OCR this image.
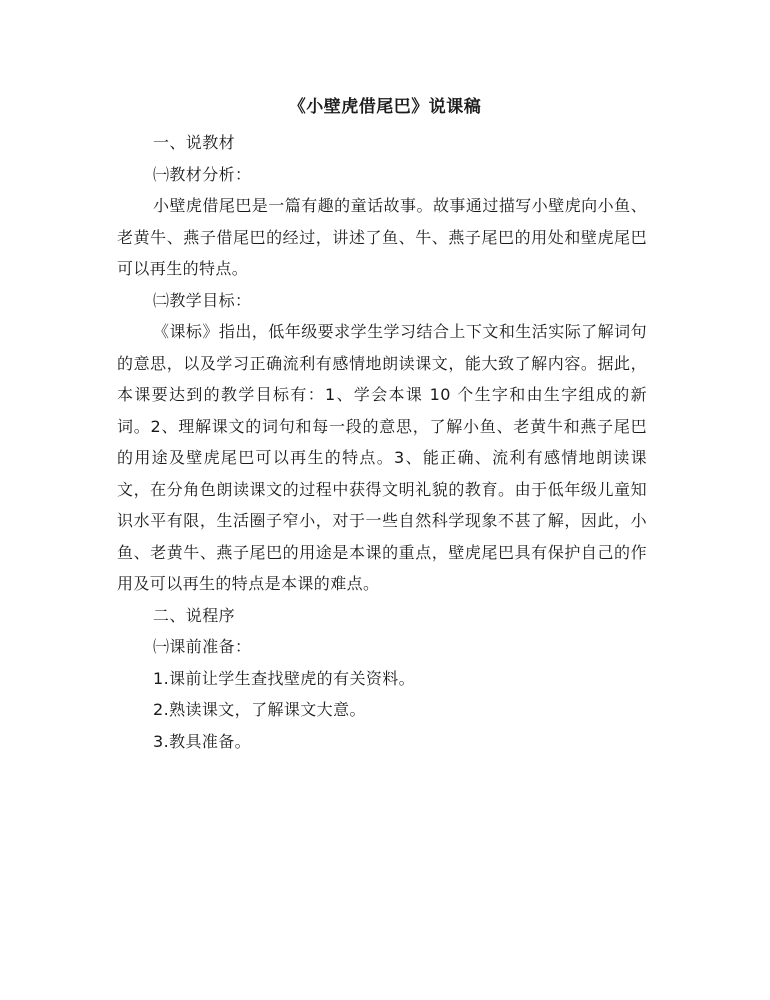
《小壁虎借尾巴》说课稿

一、说教材

㈠教材分析：

小壁虎借尾巴是一篇有趣的童话故事。故事通过描写小壁虎向小鱼、老黄牛、燕子借尾巴的经过，讲述了鱼、牛、燕子尾巴的用处和壁虎尾巴可以再生的特点。

㈡教学目标：

《课标》指出，低年级要求学生学习结合上下文和生活实际了解词句的意思，以及学习正确流利有感情地朗读课文，能大致了解内容。据此，本课要达到的教学目标有：1、学会本课 10 个生字和由生字组成的新词。2、理解课文的词句和每一段的意思，了解小鱼、老黄牛和燕子尾巴的用途及壁虎尾巴可以再生的特点。3、能正确、流利有感情地朗读课文，在分角色朗读课文的过程中获得文明礼貌的教育。由于低年级儿童知识水平有限，生活圈子窄小，对于一些自然科学现象不甚了解，因此，小鱼、老黄牛、燕子尾巴的用途是本课的重点，壁虎尾巴具有保护自己的作用及可以再生的特点是本课的难点。

二、说程序

㈠课前准备：

1.课前让学生查找壁虎的有关资料。

2.熟读课文，了解课文大意。

3.教具准备。
